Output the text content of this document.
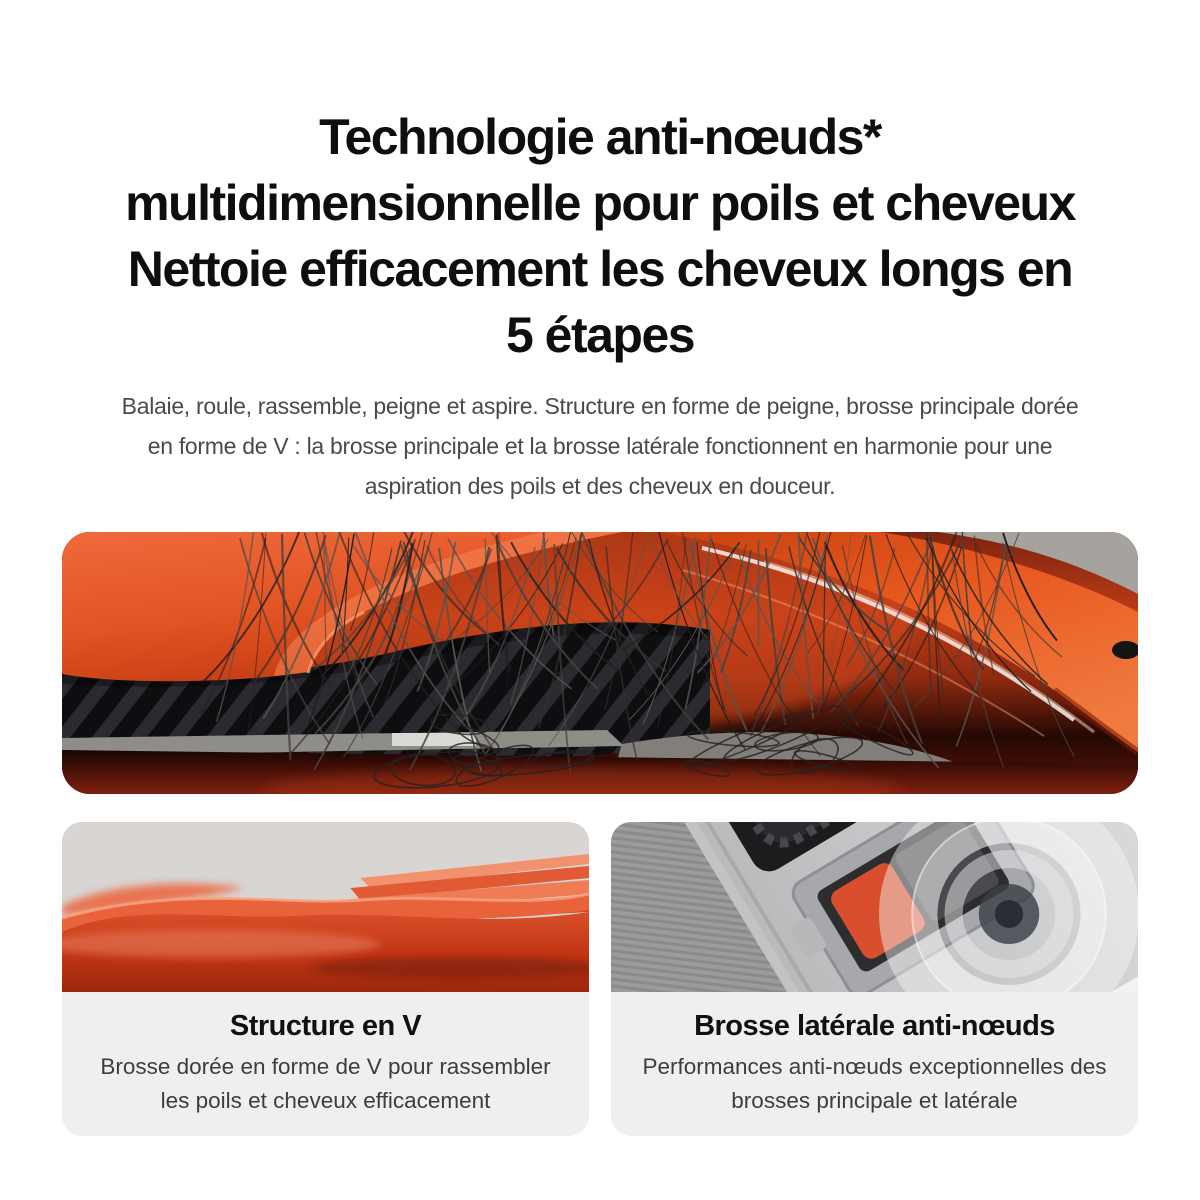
Technologie anti-nœuds*
multidimensionnelle pour poils et cheveux
Nettoie efficacement les cheveux longs en
5 étapes

Balaie, roule, rassemble, peigne et aspire. Structure en forme de peigne, brosse principale dorée
en forme de V : la brosse principale et la brosse latérale fonctionnent en harmonie pour une
aspiration des poils et des cheveux en douceur.

Structure en V
Brosse dorée en forme de V pour rassembler
les poils et cheveux efficacement
Brosse latérale anti-nœuds
Performances anti-nœuds exceptionnelles des
brosses principale et latérale
